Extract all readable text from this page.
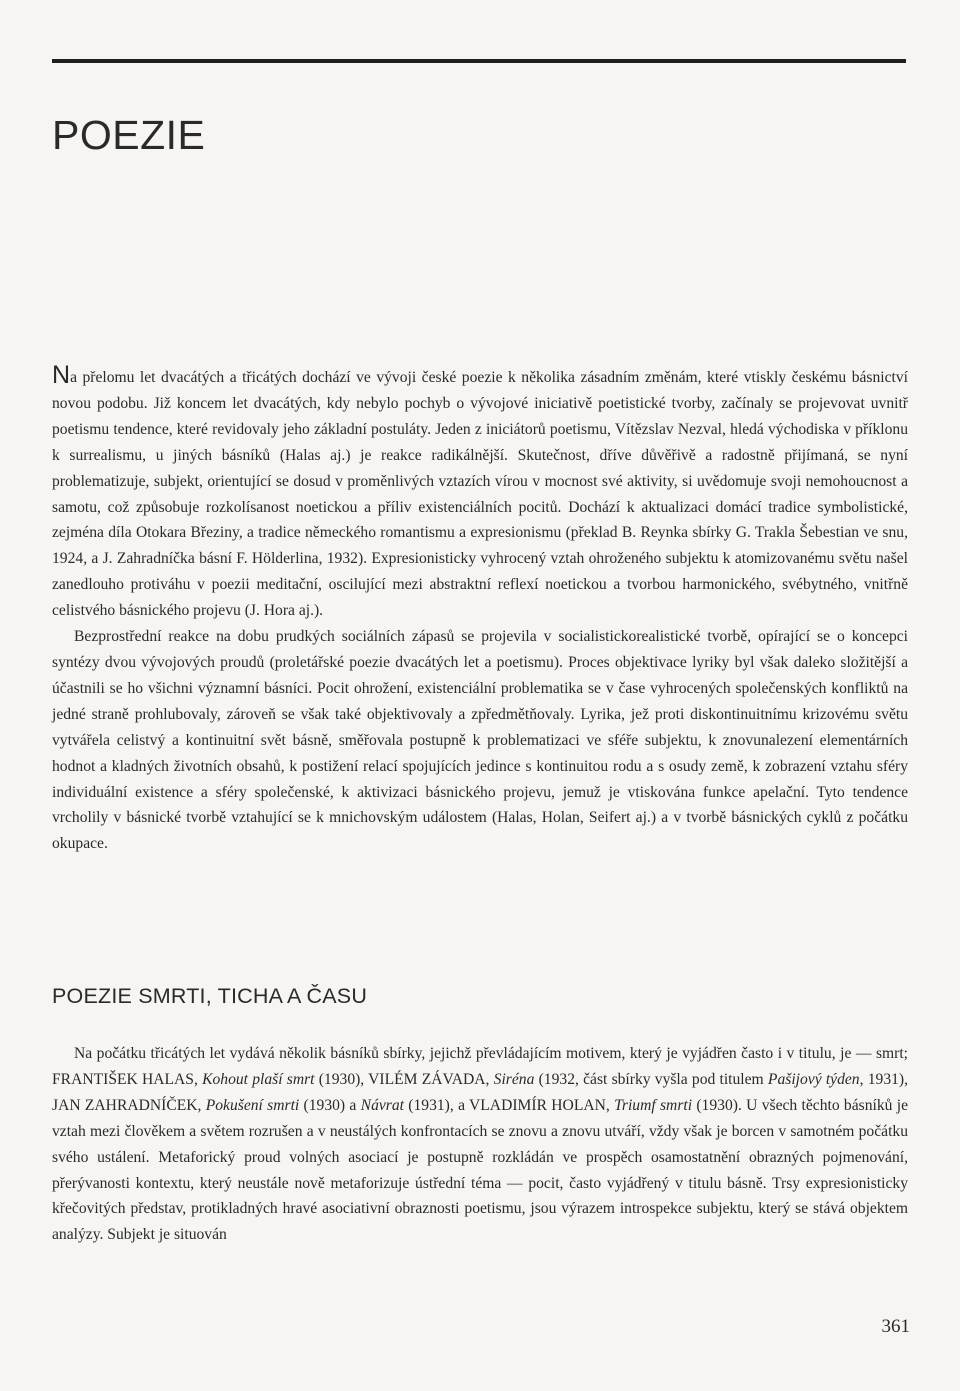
POEZIE

Na přelomu let dvacátých a třicátých dochází ve vývoji české poezie k několika zásadním změnám, které vtiskly českému básnictví novou podobu. Již koncem let dvacátých, kdy nebylo pochyb o vývojové iniciativě poetistické tvorby, začínaly se projevovat uvnitř poetismu tendence, které revidovaly jeho základní postuláty. Jeden z iniciátorů poetismu, Vítězslav Nezval, hledá východiska v příklonu k surrealismu, u jiných básníků (Halas aj.) je reakce radikálnější. Skutečnost, dříve důvěřivě a radostně přijímaná, se nyní problematizuje, subjekt, orientující se dosud v proměnlivých vztazích vírou v mocnost své aktivity, si uvědomuje svoji nemohoucnost a samotu, což způsobuje rozkolísanost noetickou a příliv existenciálních pocitů. Dochází k aktualizaci domácí tradice symbolistické, zejména díla Otokara Březiny, a tradice německého romantismu a expresionismu (překlad B. Reynka sbírky G. Trakla Šebestian ve snu, 1924, a J. Zahradníčka básní F. Hölderlina, 1932). Expresionisticky vyhrocený vztah ohroženého subjektu k atomizovanému světu našel zanedlouho protiváhu v poezii meditační, oscilující mezi abstraktní reflexí noetickou a tvorbou harmonického, svébytného, vnitřně celistvého básnického projevu (J. Hora aj.).

Bezprostřední reakce na dobu prudkých sociálních zápasů se projevila v socialistickorealistické tvorbě, opírající se o koncepci syntézy dvou vývojových proudů (proletářské poezie dvacátých let a poetismu). Proces objektivace lyriky byl však daleko složitější a účastnili se ho všichni významní básníci. Pocit ohrožení, existenciální problematika se v čase vyhrocených společenských konfliktů na jedné straně prohlubovaly, zároveň se však také objektivovaly a zpředmětňovaly. Lyrika, jež proti diskontinuitnímu krizovému světu vytvářela celistvý a kontinuitní svět básně, směřovala postupně k problematizaci ve sféře subjektu, k znovunalezení elementárních hodnot a kladných životních obsahů, k postižení relací spojujících jedince s kontinuitou rodu a s osudy země, k zobrazení vztahu sféry individuální existence a sféry společenské, k aktivizaci básnického projevu, jemuž je vtiskována funkce apelační. Tyto tendence vrcholily v básnické tvorbě vztahující se k mnichovským událostem (Halas, Holan, Seifert aj.) a v tvorbě básnických cyklů z počátku okupace.

POEZIE SMRTI, TICHA A ČASU

Na počátku třicátých let vydává několik básníků sbírky, jejichž převládajícím motivem, který je vyjádřen často i v titulu, je — smrt; FRANTIŠEK HALAS, Kohout plaší smrt (1930), VILÉM ZÁVADA, Siréna (1932, část sbírky vyšla pod titulem Pašijový týden, 1931), JAN ZAHRADNÍČEK, Pokušení smrti (1930) a Návrat (1931), a VLADIMÍR HOLAN, Triumf smrti (1930). U všech těchto básníků je vztah mezi člověkem a světem rozrušen a v neustálých konfrontacích se znovu a znovu utváří, vždy však je borcen v samotném počátku svého ustálení. Metaforický proud volných asociací je postupně rozkládán ve prospěch osamostatnění obrazných pojmenování, přerývanosti kontextu, který neustále nově metaforizuje ústřední téma — pocit, často vyjádřený v titulu básně. Trsy expresionisticky křečovitých představ, protikladných hravé asociativní obraznosti poetismu, jsou výrazem introspekce subjektu, který se stává objektem analýzy. Subjekt je situován

361
